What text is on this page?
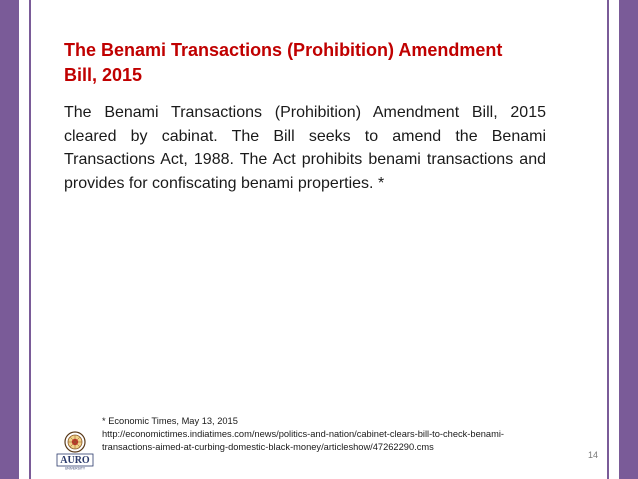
The Benami Transactions (Prohibition) Amendment Bill, 2015

The Benami Transactions (Prohibition) Amendment Bill, 2015 cleared by cabinat. The Bill seeks to amend the Benami Transactions Act, 1988. The Act prohibits benami transactions and provides for confiscating benami properties. *

* Economic Times, May 13, 2015
http://economictimes.indiatimes.com/news/politics-and-nation/cabinet-clears-bill-to-check-benami-
transactions-aimed-at-curbing-domestic-black-money/articleshow/47262290.cms
AURO
UNIVERSITY
14
